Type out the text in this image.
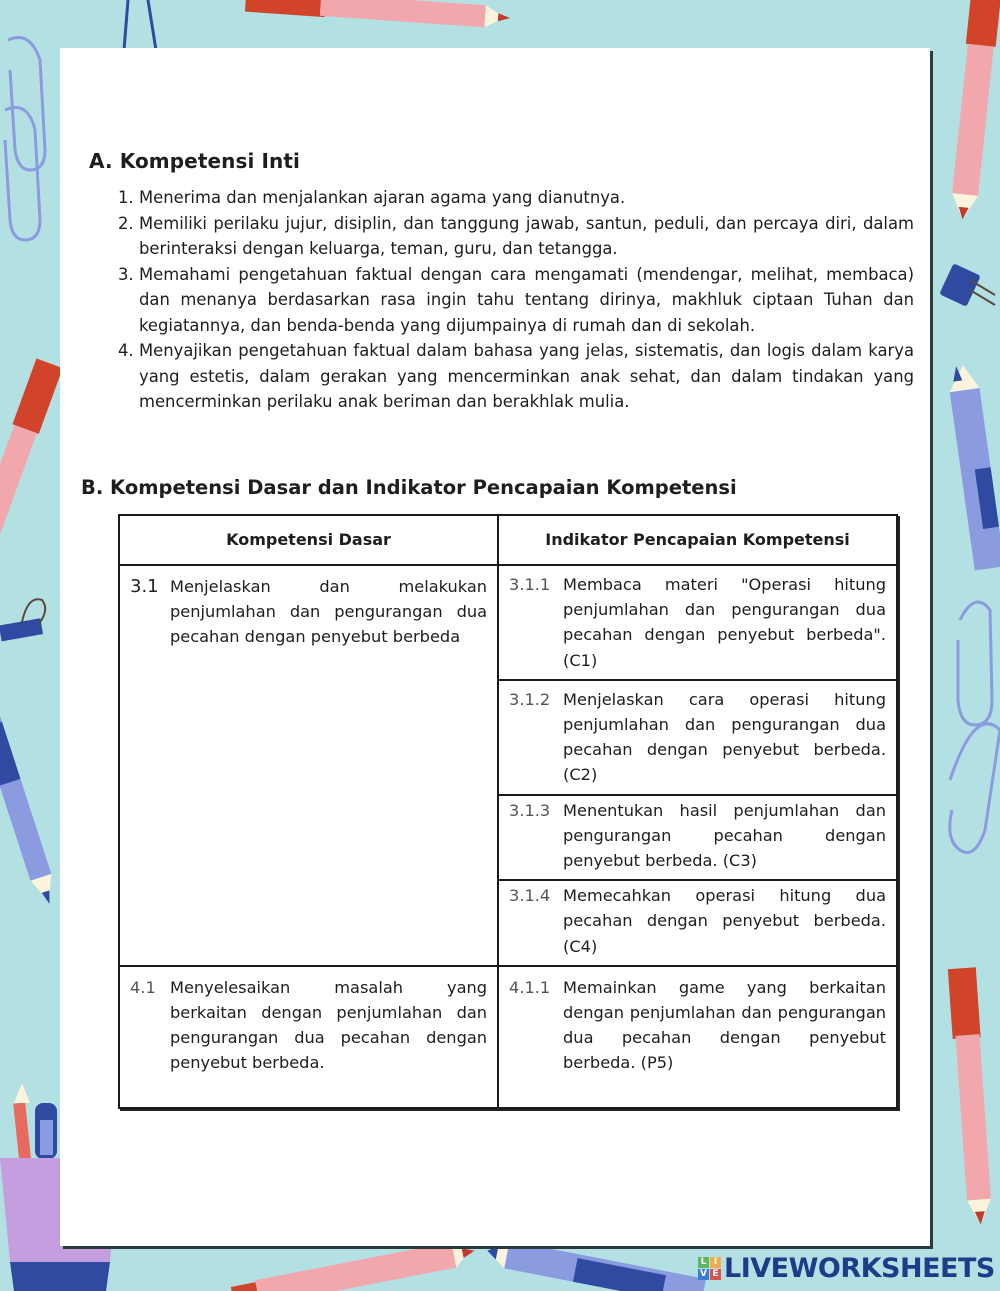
A. Kompetensi Inti
1. Menerima dan menjalankan ajaran agama yang dianutnya.
2. Memiliki perilaku jujur, disiplin, dan tanggung jawab, santun, peduli, dan percaya diri, dalam berinteraksi dengan keluarga, teman, guru, dan tetangga.
3. Memahami pengetahuan faktual dengan cara mengamati (mendengar, melihat, membaca) dan menanya berdasarkan rasa ingin tahu tentang dirinya, makhluk ciptaan Tuhan dan kegiatannya, dan benda-benda yang dijumpainya di rumah dan di sekolah.
4. Menyajikan pengetahuan faktual dalam bahasa yang jelas, sistematis, dan logis dalam karya yang estetis, dalam gerakan yang mencerminkan anak sehat, dan dalam tindakan yang mencerminkan perilaku anak beriman dan berakhlak mulia.
B. Kompetensi Dasar dan Indikator Pencapaian Kompetensi
Kompetensi Dasar	Indikator Pencapaian Kompetensi

3.1 Menjelaskan dan melakukan penjumlahan dan pengurangan dua pecahan dengan penyebut berbeda	3.1.1 Membaca materi "Operasi hitung penjumlahan dan pengurangan dua pecahan dengan penyebut berbeda". (C1)

	3.1.2 Menjelaskan cara operasi hitung penjumlahan dan pengurangan dua pecahan dengan penyebut berbeda. (C2)

	3.1.3 Menentukan hasil penjumlahan dan pengurangan pecahan dengan penyebut berbeda. (C3)

	3.1.4 Memecahkan operasi hitung dua pecahan dengan penyebut berbeda. (C4)

4.1 Menyelesaikan masalah yang berkaitan dengan penjumlahan dan pengurangan dua pecahan dengan penyebut berbeda.	4.1.1 Memainkan game yang berkaitan dengan penjumlahan dan pengurangan dua pecahan dengan penyebut berbeda. (P5)
L I
V E LIVEWORKSHEETS
